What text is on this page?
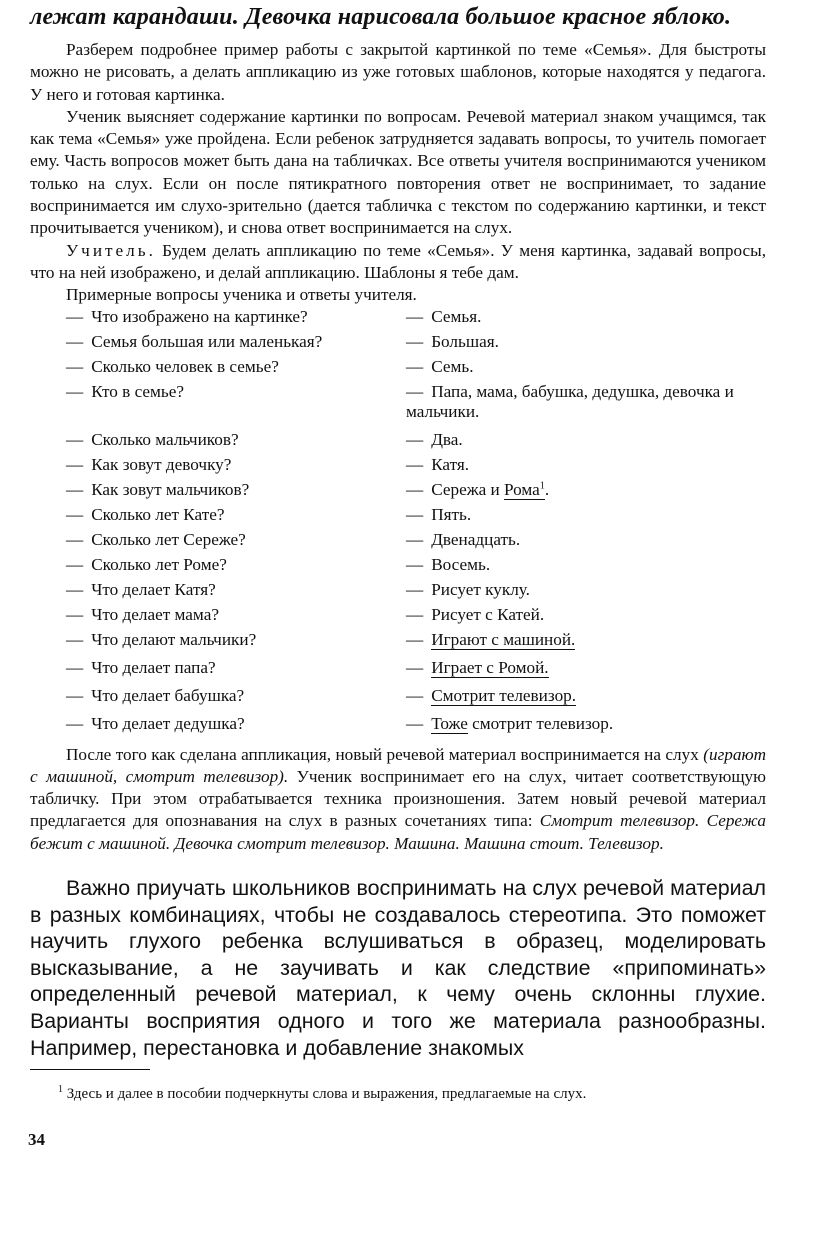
лежат карандаши. Девочка нарисовала большое красное яблоко.

Разберем подробнее пример работы с закрытой картинкой по теме «Семья». Для быстроты можно не рисовать, а делать аппликацию из уже готовых шаблонов, которые находятся у педагога. У него и готовая картинка.

Ученик выясняет содержание картинки по вопросам. Речевой материал знаком учащимся, так как тема «Семья» уже пройдена. Если ребенок затрудняется задавать вопросы, то учитель помогает ему. Часть вопросов может быть дана на табличках. Все ответы учителя воспринимаются учеником только на слух. Если он после пятикратного повторения ответ не воспринимает, то задание воспринимается им слухо-зрительно (дается табличка с текстом по содержанию картинки, и текст прочитывается учеником), и снова ответ воспринимается на слух.

Учитель. Будем делать аппликацию по теме «Семья». У меня картинка, задавай вопросы, что на ней изображено, и делай аппликацию. Шаблоны я тебе дам.

Примерные вопросы ученика и ответы учителя.

— Что изображено на картинке?	— Семья.
— Семья большая или маленькая?	— Большая.
— Сколько человек в семье?	— Семь.
— Кто в семье?	— Папа, мама, бабушка, дедушка, девочка и мальчики.
— Сколько мальчиков?	— Два.
— Как зовут девочку?	— Катя.
— Как зовут мальчиков?	— Сережа и Рома$^1$.
— Сколько лет Кате?	— Пять.
— Сколько лет Сереже?	— Двенадцать.
— Сколько лет Роме?	— Восемь.
— Что делает Катя?	— Рисует куклу.
— Что делает мама?	— Рисует с Катей.
— Что делают мальчики?	— Играют с машиной.
— Что делает папа?	— Играет с Ромой.
— Что делает бабушка?	— Смотрит телевизор.
— Что делает дедушка?	— Тоже смотрит телевизор.

После того как сделана аппликация, новый речевой материал воспринимается на слух (играют с машиной, смотрит телевизор). Ученик воспринимает его на слух, читает соответствующую табличку. При этом отрабатывается техника произношения. Затем новый речевой материал предлагается для опознавания на слух в разных сочетаниях типа: Смотрит телевизор. Сережа бежит с машиной. Девочка смотрит телевизор. Машина. Машина стоит. Телевизор.

Важно приучать школьников воспринимать на слух речевой материал в разных комбинациях, чтобы не создавалось стереотипа. Это поможет научить глухого ребенка вслушиваться в образец, моделировать высказывание, а не заучивать и как следствие «припоминать» определенный речевой материал, к чему очень склонны глухие. Варианты восприятия одного и того же материала разнообразны. Например, перестановка и добавление знакомых

$^1$ Здесь и далее в пособии подчеркнуты слова и выражения, предлагаемые на слух.

34
